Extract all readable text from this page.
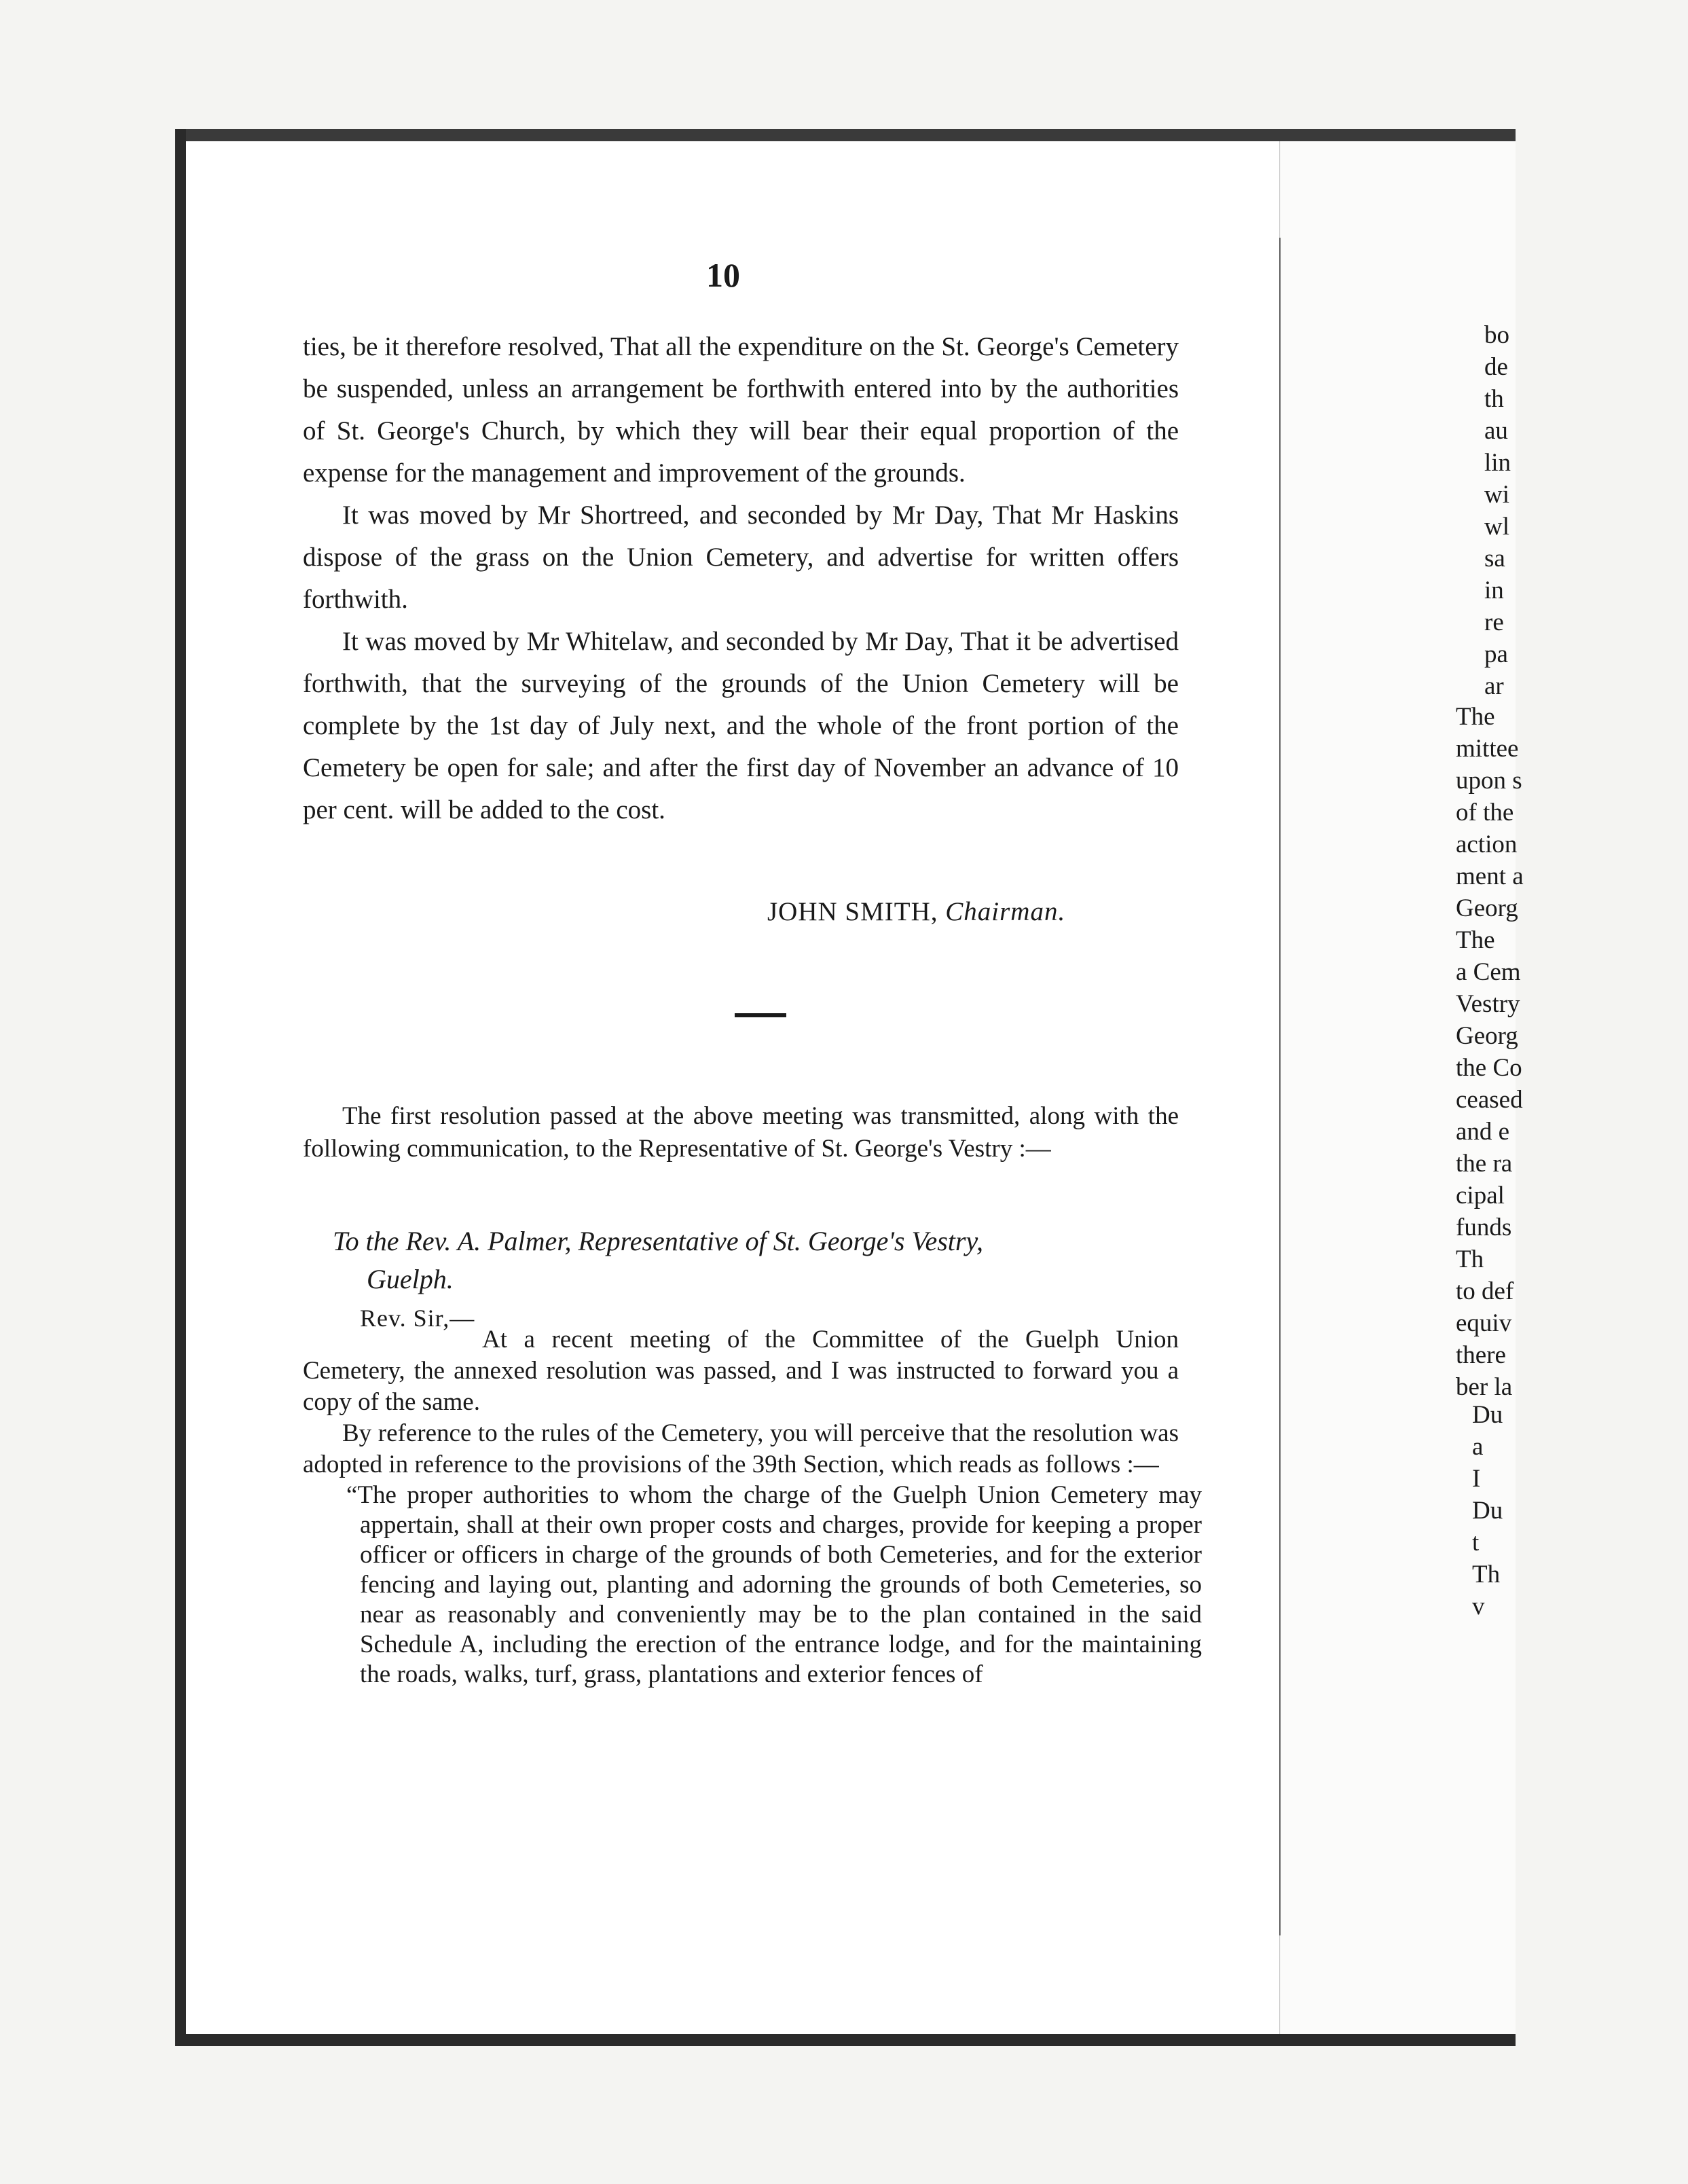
10

ties, be it therefore resolved, That all the expenditure on the St. George's Cemetery be suspended, unless an arrangement be forthwith entered into by the authorities of St. George's Church, by which they will bear their equal proportion of the expense for the management and improvement of the grounds.

It was moved by Mr Shortreed, and seconded by Mr Day, That Mr Haskins dispose of the grass on the Union Cemetery, and advertise for written offers forthwith.

It was moved by Mr Whitelaw, and seconded by Mr Day, That it be advertised forthwith, that the surveying of the grounds of the Union Cemetery will be complete by the 1st day of July next, and the whole of the front portion of the Cemetery be open for sale; and after the first day of November an advance of 10 per cent. will be added to the cost.

JOHN SMITH, Chairman.
The first resolution passed at the above meeting was transmitted, along with the following communication, to the Representative of St. George's Vestry :—
To the Rev. A. Palmer, Representative of St. George's Vestry,
Guelph.
Rev. Sir,—

At a recent meeting of the Committee of the Guelph Union Cemetery, the annexed resolution was passed, and I was instructed to forward you a copy of the same.

By reference to the rules of the Cemetery, you will perceive that the resolution was adopted in reference to the provisions of the 39th Section, which reads as follows :—

“The proper authorities to whom the charge of the Guelph Union Cemetery may appertain, shall at their own proper costs and charges, provide for keeping a proper officer or officers in charge of the grounds of both Cemeteries, and for the exterior fencing and laying out, planting and adorning the grounds of both Cemeteries, so near as reasonably and conveniently may be to the plan contained in the said Schedule A, including the erection of the entrance lodge, and for the maintaining the roads, walks, turf, grass, plantations and exterior fences of
bo
de
th
au
lin
wi
wl
sa
in
re
pa
ar
The
mittee
upon s
of the
action
ment a
Georg
The
a Cem
Vestry
Georg
the Co
ceased
and e
the ra
cipal
funds
Th
to def
equiv
there
ber la
Du
a
I
Du
t
Th
v
